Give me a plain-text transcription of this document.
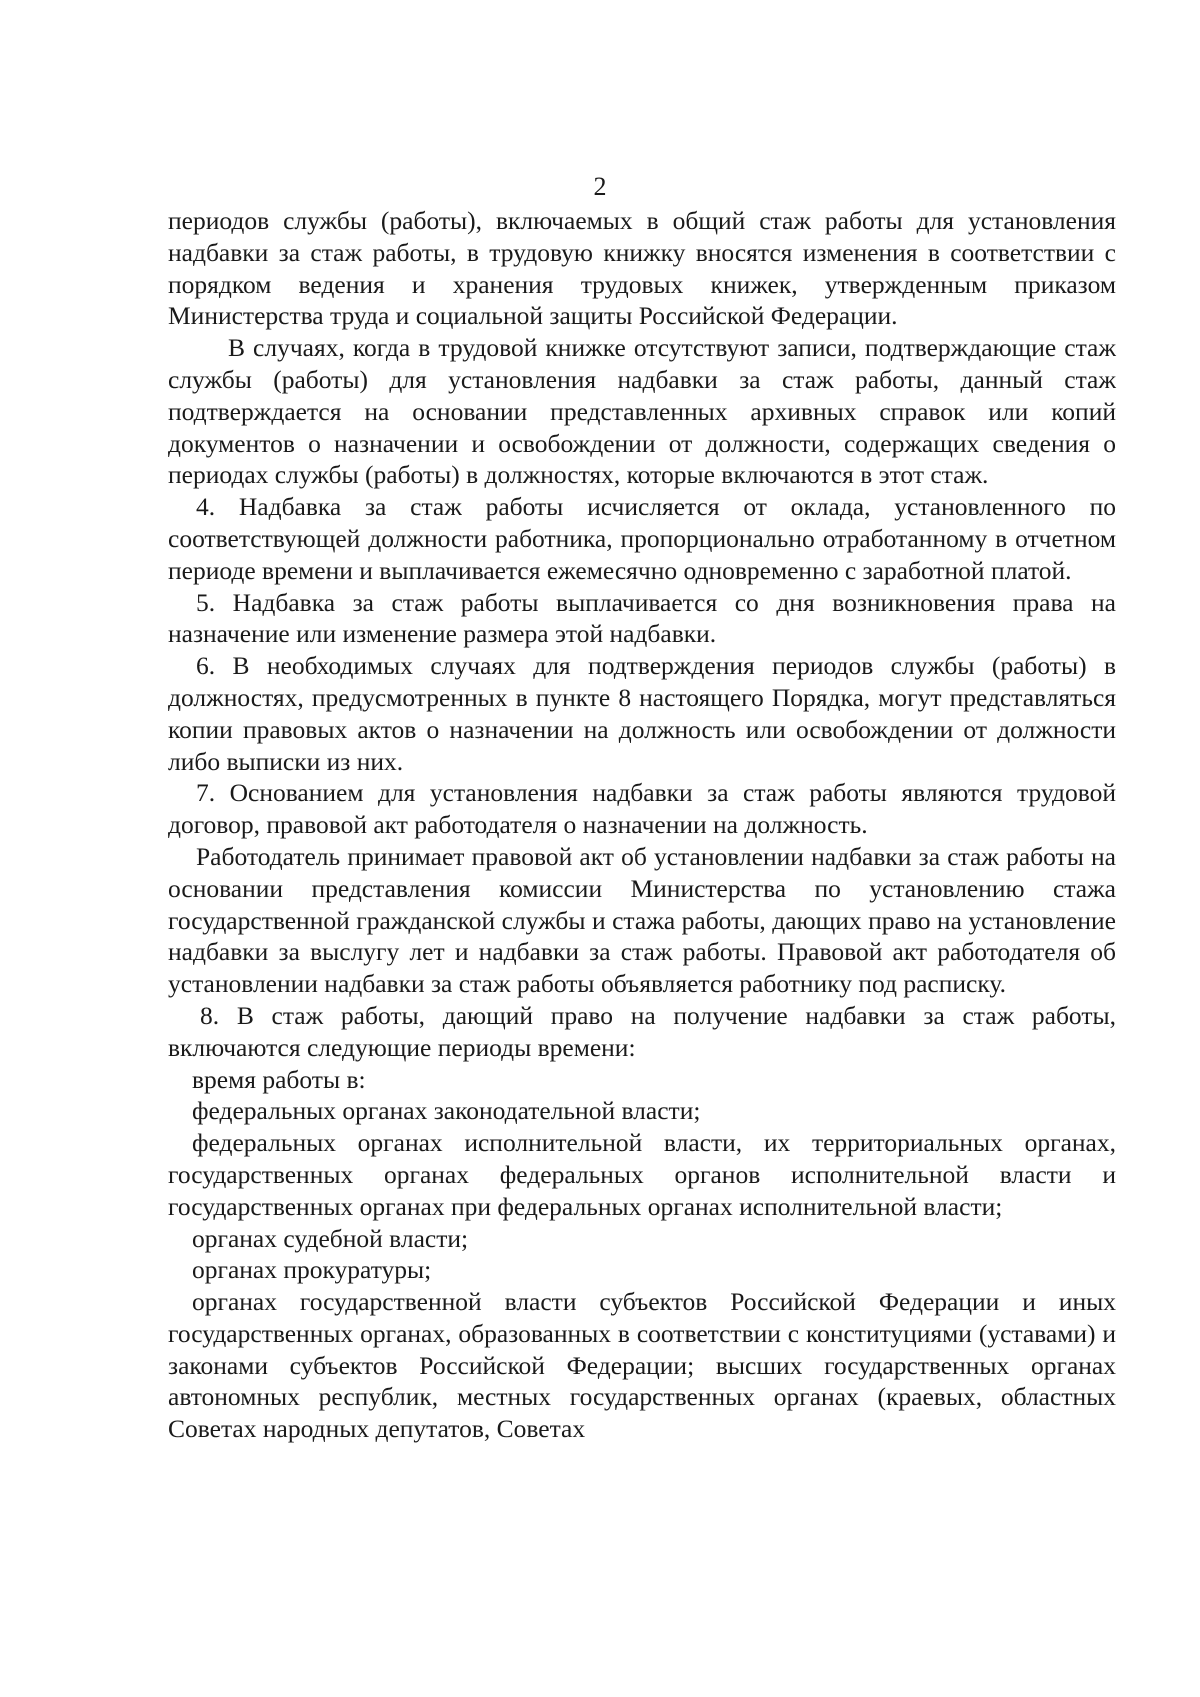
2

периодов службы (работы), включаемых в общий стаж работы для установления надбавки за стаж работы, в трудовую книжку вносятся изменения в соответствии с порядком ведения и хранения трудовых книжек, утвержденным приказом Министерства труда и социальной защиты Российской Федерации.

В случаях, когда в трудовой книжке отсутствуют записи, подтверждающие стаж службы (работы) для установления надбавки за стаж работы, данный стаж подтверждается на основании представленных архивных справок или копий документов о назначении и освобождении от должности, содержащих сведения о периодах службы (работы) в должностях, которые включаются в этот стаж.

4. Надбавка за стаж работы исчисляется от оклада, установленного по соответствующей должности работника, пропорционально отработанному в отчетном периоде времени и выплачивается ежемесячно одновременно с заработной платой.

5. Надбавка за стаж работы выплачивается со дня возникновения права на назначение или изменение размера этой надбавки.

6. В необходимых случаях для подтверждения периодов службы (работы) в должностях, предусмотренных в пункте 8 настоящего Порядка, могут представляться копии правовых актов о назначении на должность или освобождении от должности либо выписки из них.

7. Основанием для установления надбавки за стаж работы являются трудовой договор, правовой акт работодателя о назначении на должность.

Работодатель принимает правовой акт об установлении надбавки за стаж работы на основании представления комиссии Министерства по установлению стажа государственной гражданской службы и стажа работы, дающих право на установление надбавки за выслугу лет и надбавки за стаж работы. Правовой акт работодателя об установлении надбавки за стаж работы объявляется работнику под расписку.

8. В стаж работы, дающий право на получение надбавки за стаж работы, включаются следующие периоды времени:

время работы в:

федеральных органах законодательной власти;

федеральных органах исполнительной власти, их территориальных органах, государственных органах федеральных органов исполнительной власти и государственных органах при федеральных органах исполнительной власти;

органах судебной власти;

органах прокуратуры;

органах государственной власти субъектов Российской Федерации и иных государственных органах, образованных в соответствии с конституциями (уставами) и законами субъектов Российской Федерации; высших государственных органах автономных республик, местных государственных органах (краевых, областных Советах народных депутатов, Советах
